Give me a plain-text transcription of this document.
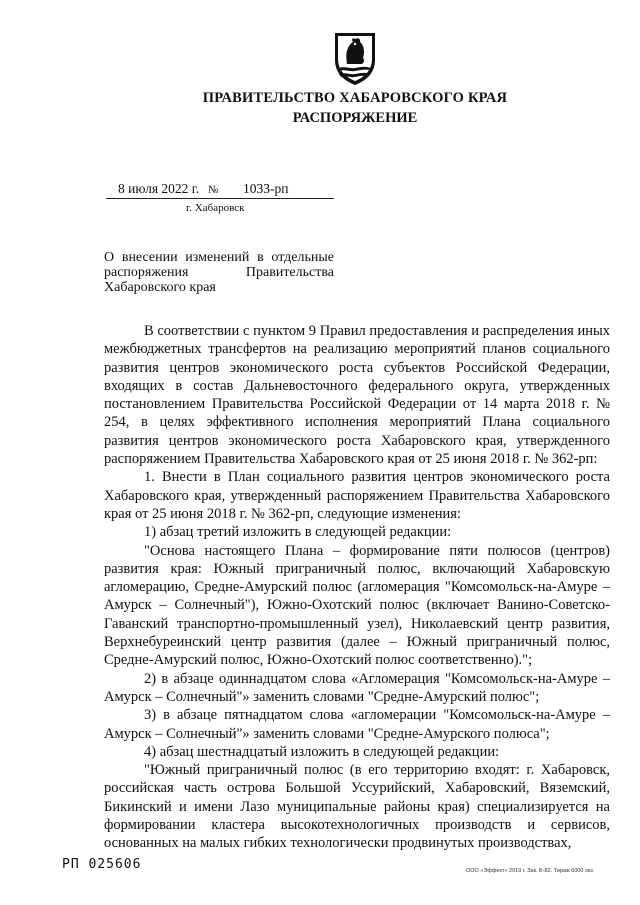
ПРАВИТЕЛЬСТВО ХАБАРОВСКОГО КРАЯ
РАСПОРЯЖЕНИЕ
8 июля 2022 г. № 1033-рп
г. Хабаровск
О внесении изменений в отдельные
распоряжения Правительства
Хабаровского края

В соответствии с пунктом 9 Правил предоставления и распределения иных межбюджетных трансфертов на реализацию мероприятий планов социального развития центров экономического роста субъектов Российской Федерации, входящих в состав Дальневосточного федерального округа, утвержденных постановлением Правительства Российской Федерации от 14 марта 2018 г. № 254, в целях эффективного исполнения мероприятий Плана социального развития центров экономического роста Хабаровского края, утвержденного распоряжением Правительства Хабаровского края от 25 июня 2018 г. № 362-рп:

1. Внести в План социального развития центров экономического роста Хабаровского края, утвержденный распоряжением Правительства Хабаровского края от 25 июня 2018 г. № 362-рп, следующие изменения:

1) абзац третий изложить в следующей редакции:

"Основа настоящего Плана – формирование пяти полюсов (центров) развития края: Южный приграничный полюс, включающий Хабаровскую агломерацию, Средне-Амурский полюс (агломерация "Комсомольск-на-Амуре – Амурск – Солнечный"), Южно-Охотский полюс (включает Ванино-Советско-Гаванский транспортно-промышленный узел), Николаевский центр развития, Верхнебуреинский центр развития (далее – Южный приграничный полюс, Средне-Амурский полюс, Южно-Охотский полюс соответственно).";

2) в абзаце одиннадцатом слова «Агломерация "Комсомольск-на-Амуре – Амурск – Солнечный"» заменить словами "Средне-Амурский полюс";

3) в абзаце пятнадцатом слова «агломерации "Комсомольск-на-Амуре – Амурск – Солнечный"» заменить словами "Средне-Амурского полюса";

4) абзац шестнадцатый изложить в следующей редакции:

"Южный приграничный полюс (в его территорию входят: г. Хабаровск, российская часть острова Большой Уссурийский, Хабаровский, Вяземский, Бикинский и имени Лазо муниципальные районы края) специализируется на формировании кластера высокотехнологичных производств и сервисов, основанных на малых гибких технологически продвинутых производствах,

РП 025606	ООО «Эффект» 2019 г. Зак. Б-82. Тираж 6000 экз.
